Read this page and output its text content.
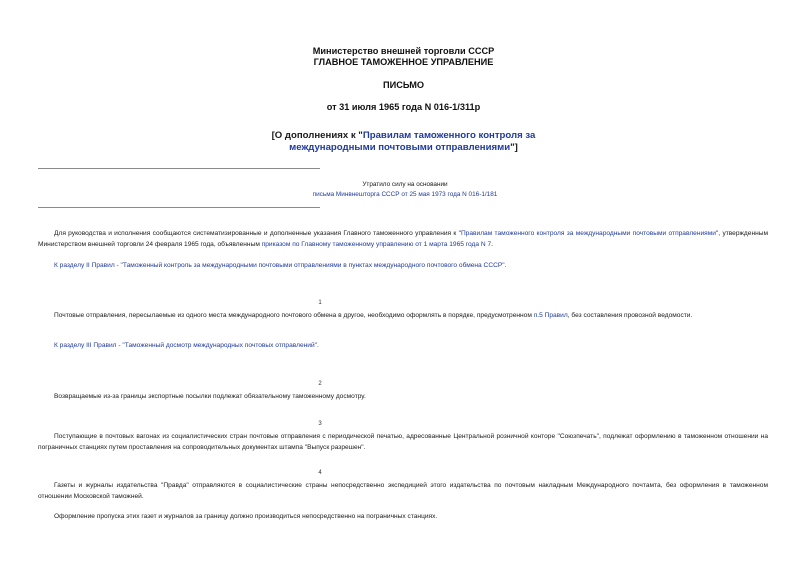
Министерство внешней торговли СССР
ГЛАВНОЕ ТАМОЖЕННОЕ УПРАВЛЕНИЕ
ПИСЬМО
от 31 июля 1965 года N 016-1/311р
[О дополнениях к "Правилам таможенного контроля за
международными почтовыми отправлениями"]
Утратило силу на основании
письма Минвнешторга СССР от 25 мая 1973 года N 016-1/181
Для руководства и исполнения сообщаются систематизированные и дополненные указания Главного таможенного управления к "Правилам таможенного контроля за международными почтовыми отправлениями", утвержденным Министерством внешней торговли 24 февраля 1965 года, объявленным приказом по Главному таможенному управлению от 1 марта 1965 года N 7.
К разделу II Правил - "Таможенный контроль за международными почтовыми отправлениями в пунктах международного почтового обмена СССР".
1
Почтовые отправления, пересылаемые из одного места международного почтового обмена в другое, необходимо оформлять в порядке, предусмотренном п.5 Правил, без составления провозной ведомости.
К разделу III Правил - "Таможенный досмотр международных почтовых отправлений".
2
Возвращаемые из-за границы экспортные посылки подлежат обязательному таможенному досмотру.
3
Поступающие в почтовых вагонах из социалистических стран почтовые отправления с периодической печатью, адресованные Центральной розничной конторе "Союзпечать", подлежат оформлению в таможенном отношении на пограничных станциях путем проставления на сопроводительных документах штампа "Выпуск разрешен".
4
Газеты и журналы издательства "Правда" отправляются в социалистические страны непосредственно экспедицией этого издательства по почтовым накладным Международного почтамта, без оформления в таможенном отношении Московской таможней.
Оформление пропуска этих газет и журналов за границу должно производиться непосредственно на пограничных станциях.
